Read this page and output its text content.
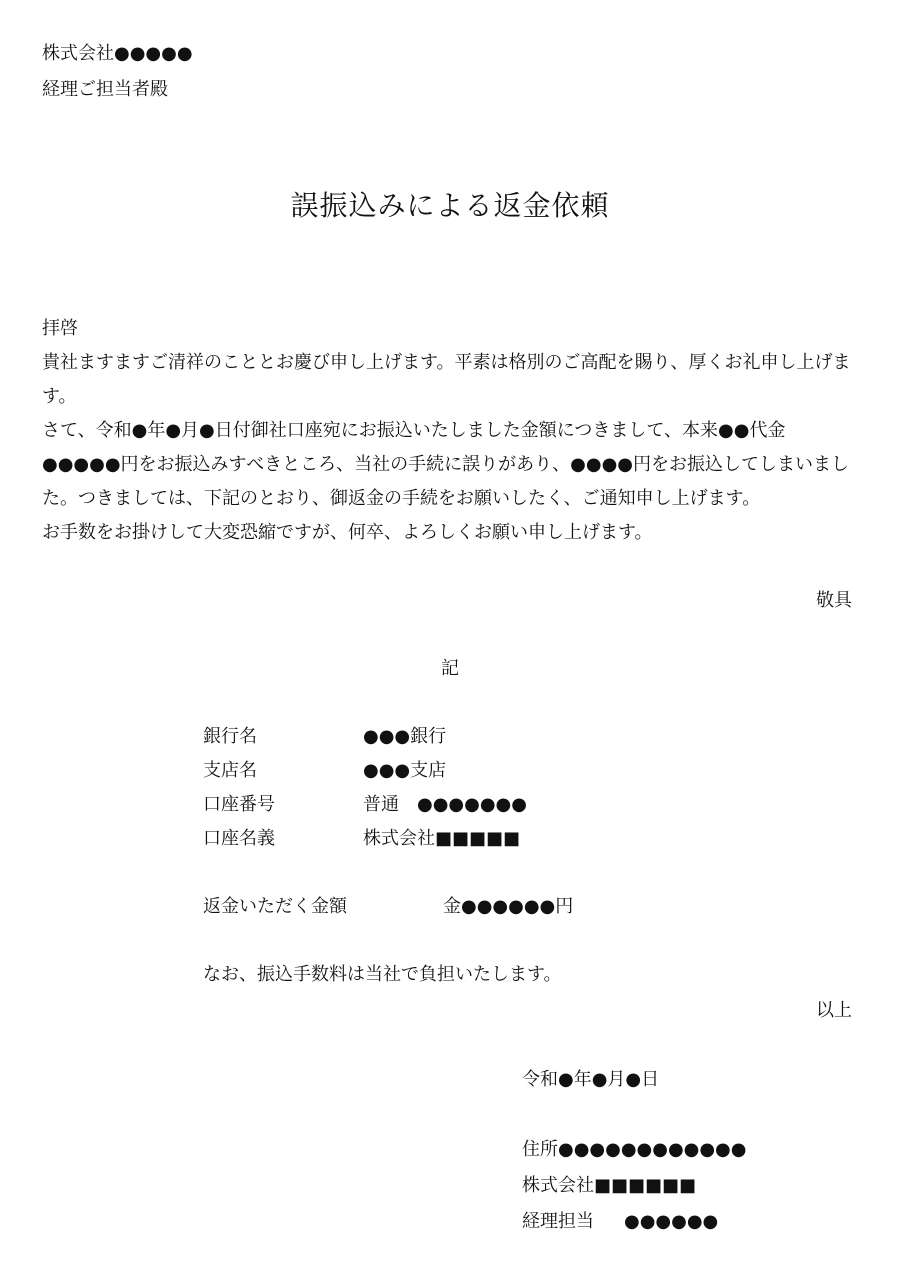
株式会社●●●●●
経理ご担当者殿
誤振込みによる返金依頼
拝啓

貴社ますますご清祥のこととお慶び申し上げます。平素は格別のご高配を賜り、厚くお礼申し上げます。

さて、令和●年●月●日付御社口座宛にお振込いたしました金額につきまして、本来●●代金●●●●●円をお振込みすべきところ、当社の手続に誤りがあり、●●●●円をお振込してしまいました。つきましては、下記のとおり、御返金の手続をお願いしたく、ご通知申し上げます。

お手数をお掛けして大変恐縮ですが、何卒、よろしくお願い申し上げます。

敬具
記
銀行名	●●●銀行
支店名	●●●支店
口座番号	普通　●●●●●●●
口座名義	株式会社■■■■■
返金いただく金額	金●●●●●●円
なお、振込手数料は当社で負担いたします。
以上
令和●年●月●日
住所●●●●●●●●●●●●
株式会社■■■■■■
経理担当	●●●●●●
